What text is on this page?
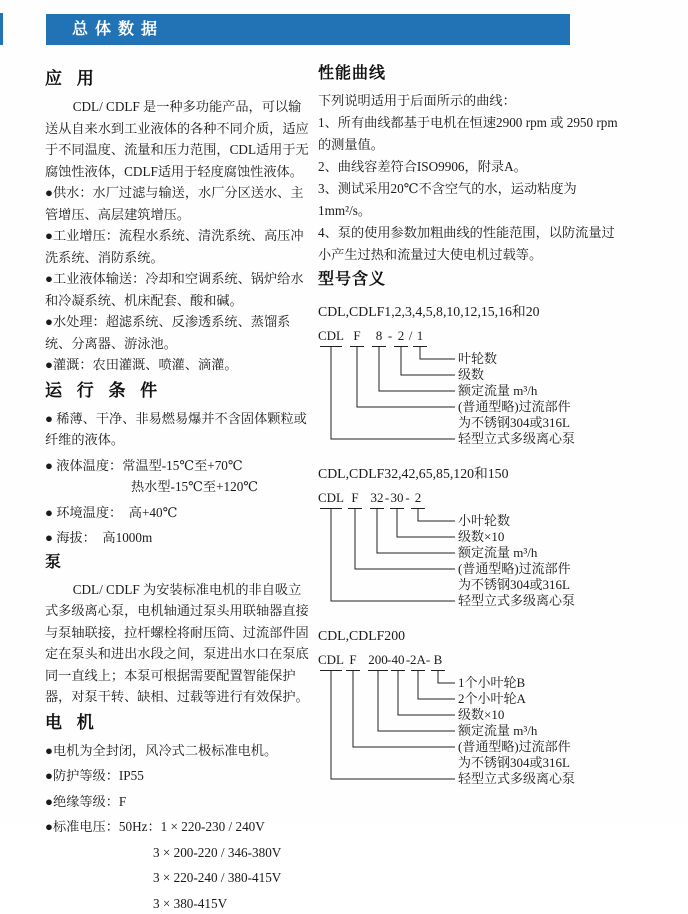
总体数据
应 用

CDL/ CDLF 是一种多功能产品，可以输送从自来水到工业液体的各种不同介质，适应于不同温度、流量和压力范围，CDL适用于无腐蚀性液体，CDLF适用于轻度腐蚀性液体。

●供水：水厂过滤与输送，水厂分区送水、主管增压、高层建筑增压。

●工业增压：流程水系统、清洗系统、高压冲洗系统、消防系统。

●工业液体输送：冷却和空调系统、锅炉给水和冷凝系统、机床配套、酸和碱。

●水处理：超滤系统、反渗透系统、蒸馏系统、分离器、游泳池。

●灌溉：农田灌溉、喷灌、滴灌。

运 行 条 件

● 稀薄、干净、非易燃易爆并不含固体颗粒或纤维的液体。

● 液体温度：常温型-15℃至+70℃

热水型-15℃至+120℃

● 环境温度：　高+40℃

● 海拔：　高1000m

泵

CDL/ CDLF 为安装标准电机的非自吸立式多级离心泵，电机轴通过泵头用联轴器直接与泵轴联接，拉杆螺栓将耐压筒、过流部件固定在泵头和进出水段之间，泵进出水口在泵底同一直线上；本泵可根据需要配置智能保护器，对泵干转、缺相、过载等进行有效保护。

电 机

●电机为全封闭，风冷式二极标准电机。

●防护等级：IP55

●绝缘等级：F

●标准电压：50Hz：1 × 220-230 / 240V

3 × 200-220 / 346-380V

3 × 220-240 / 380-415V

3 × 380-415V

性能曲线

下列说明适用于后面所示的曲线：

1、所有曲线都基于电机在恒速2900 rpm 或 2950 rpm 的测量值。

2、曲线容差符合ISO9906，附录A。

3、测试采用20℃不含空气的水，运动粘度为1mm²/s。

4、泵的使用参数加粗曲线的性能范围，以防流量过小产生过热和流量过大使电机过载等。

型号含义

CDL,CDLF1,2,3,4,5,8,10,12,15,16和20

CDL F 8 - 2 / 1
叶轮数
级数
额定流量 m³/h
(普通型略)过流部件
为不锈钢304或316L
轻型立式多级离心泵

CDL,CDLF32,42,65,85,120和150

CDL F 32 - 30 - 2
小叶轮数
级数×10
额定流量 m³/h
(普通型略)过流部件
为不锈钢304或316L
轻型立式多级离心泵

CDL,CDLF200

CDL F 200 - 40 - 2A - B
1个小叶轮B
2个小叶轮A
级数×10
额定流量 m³/h
(普通型略)过流部件
为不锈钢304或316L
轻型立式多级离心泵
